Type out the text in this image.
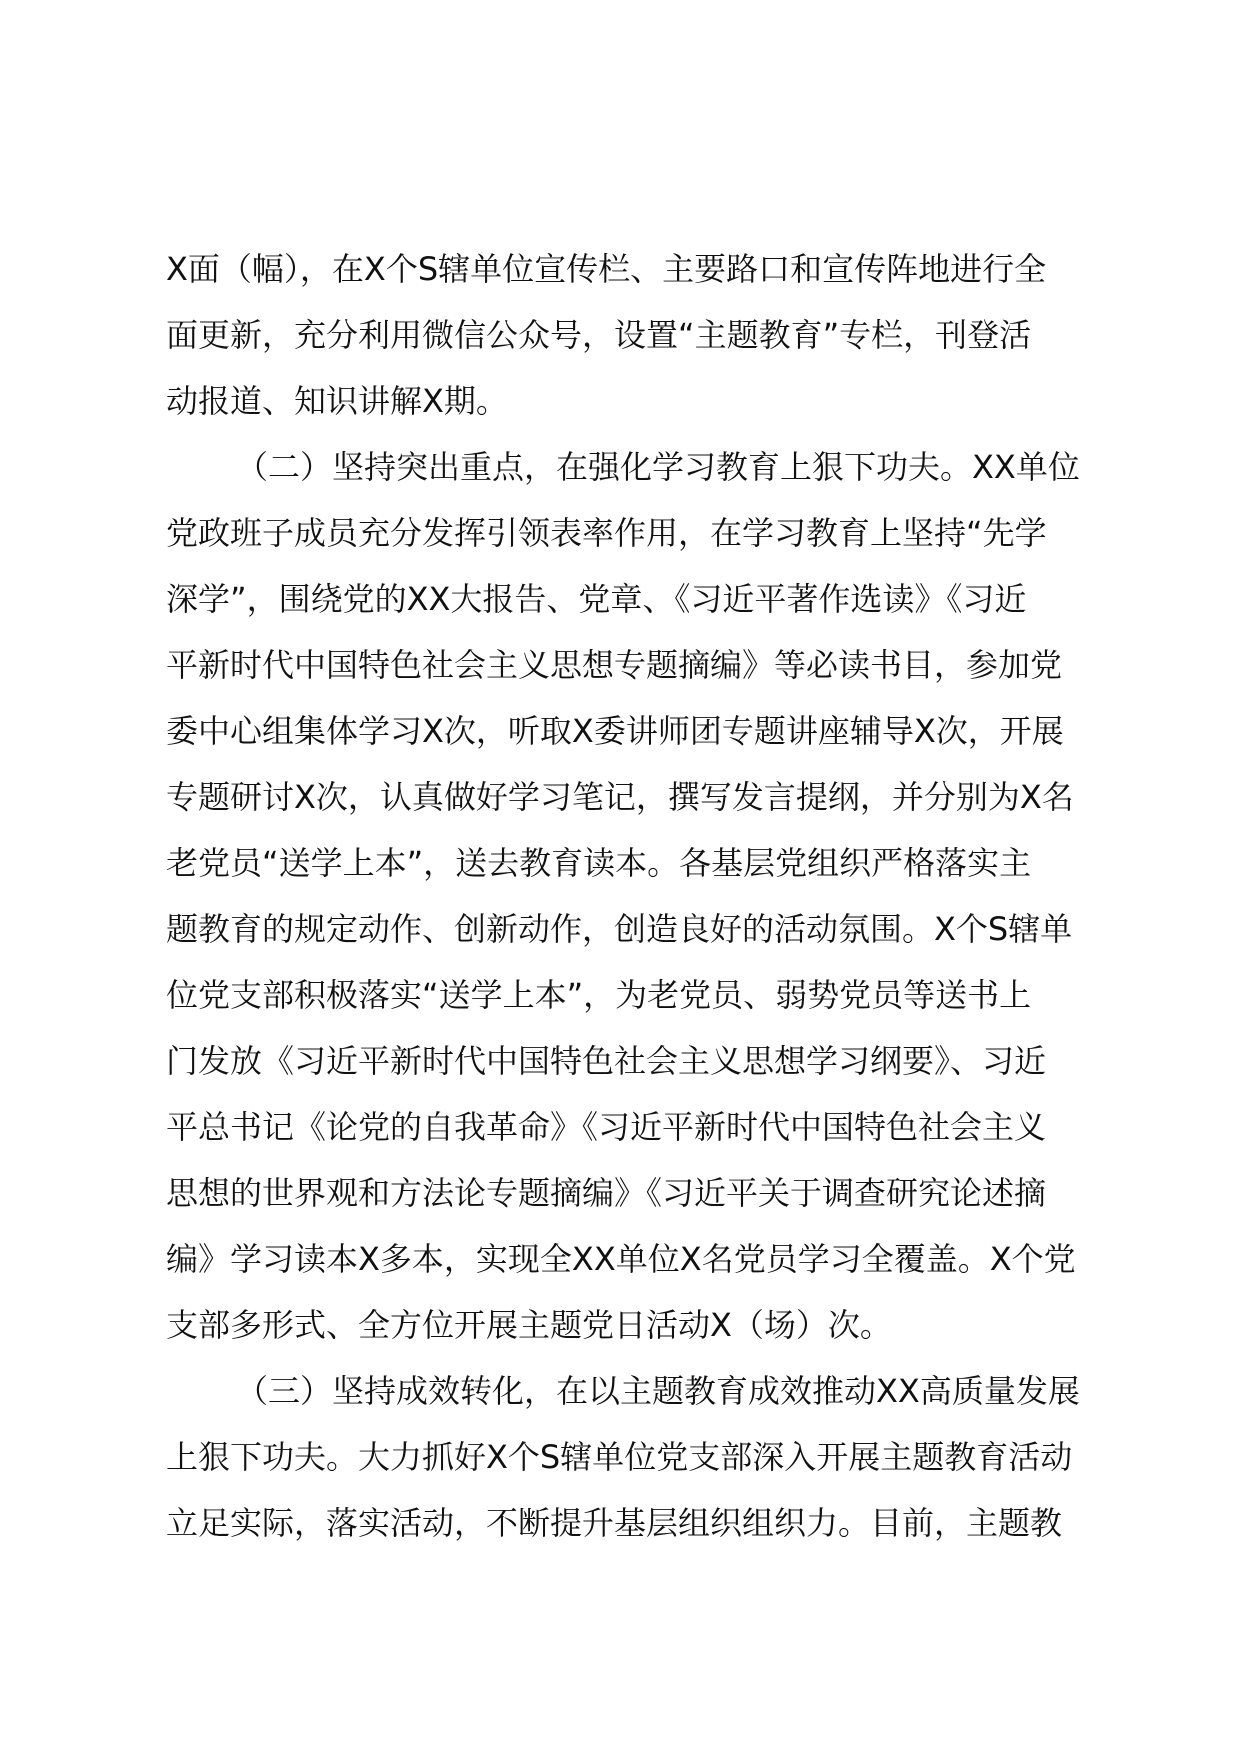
X面（幅），在X个S辖单位宣传栏、主要路口和宣传阵地进行全
面更新，充分利用微信公众号，设置“主题教育”专栏，刊登活
动报道、知识讲解X期。
（二）坚持突出重点，在强化学习教育上狠下功夫。XX单位
党政班子成员充分发挥引领表率作用，在学习教育上坚持“先学
深学”，围绕党的XX大报告、党章、《习近平著作选读》《习近
平新时代中国特色社会主义思想专题摘编》等必读书目，参加党
委中心组集体学习X次，听取X委讲师团专题讲座辅导X次，开展
专题研讨X次，认真做好学习笔记，撰写发言提纲，并分别为X名
老党员“送学上本”，送去教育读本。各基层党组织严格落实主
题教育的规定动作、创新动作，创造良好的活动氛围。X个S辖单
位党支部积极落实“送学上本”，为老党员、弱势党员等送书上
门发放《习近平新时代中国特色社会主义思想学习纲要》、习近
平总书记《论党的自我革命》《习近平新时代中国特色社会主义
思想的世界观和方法论专题摘编》《习近平关于调查研究论述摘
编》学习读本X多本，实现全XX单位X名党员学习全覆盖。X个党
支部多形式、全方位开展主题党日活动X（场）次。
（三）坚持成效转化，在以主题教育成效推动XX高质量发展
上狠下功夫。大力抓好X个S辖单位党支部深入开展主题教育活动
立足实际，落实活动，不断提升基层组织组织力。目前，主题教
